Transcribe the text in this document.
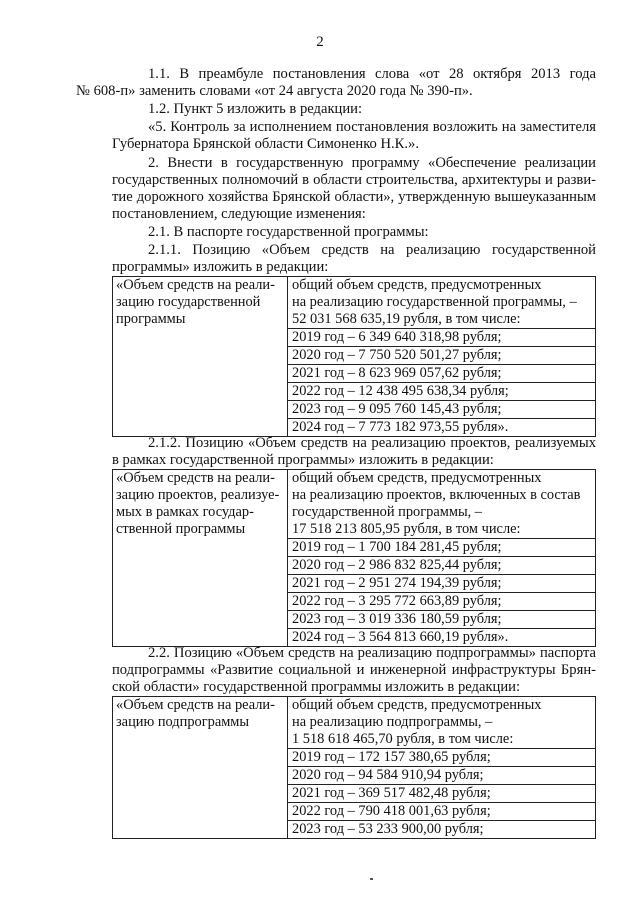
2

1.1. В преамбуле постановления слова «от 28 октября 2013 года
№ 608-п» заменить словами «от 24 августа 2020 года № 390-п».

1.2. Пункт 5 изложить в редакции:

«5. Контроль за исполнением постановления возложить на заместителя
Губернатора Брянской области Симоненко Н.К.».

2. Внести в государственную программу «Обеспечение реализации
государственных полномочий в области строительства, архитектуры и разви-
тие дорожного хозяйства Брянской области», утвержденную вышеуказанным
постановлением, следующие изменения:

2.1. В паспорте государственной программы:

2.1.1. Позицию «Объем средств на реализацию государственной
программы» изложить в редакции:

«Объем средств на реали-
зацию государственной
программы

общий объем средств, предусмотренных
на реализацию государственной программы, –
52 031 568 635,19 рубля, в том числе:
2019 год – 6 349 640 318,98 рубля;
2020 год – 7 750 520 501,27 рубля;
2021 год – 8 623 969 057,62 рубля;
2022 год – 12 438 495 638,34 рубля;
2023 год – 9 095 760 145,43 рубля;
2024 год – 7 773 182 973,55 рубля».

2.1.2. Позицию «Объем средств на реализацию проектов, реализуемых
в рамках государственной программы» изложить в редакции:

«Объем средств на реали-
зацию проектов, реализуе-
мых в рамках государ-
ственной программы

общий объем средств, предусмотренных
на реализацию проектов, включенных в состав
государственной программы, –
17 518 213 805,95 рубля, в том числе:
2019 год – 1 700 184 281,45 рубля;
2020 год – 2 986 832 825,44 рубля;
2021 год – 2 951 274 194,39 рубля;
2022 год – 3 295 772 663,89 рубля;
2023 год – 3 019 336 180,59 рубля;
2024 год – 3 564 813 660,19 рубля».

2.2. Позицию «Объем средств на реализацию подпрограммы» паспорта
подпрограммы «Развитие социальной и инженерной инфраструктуры Брян-
ской области» государственной программы изложить в редакции:

«Объем средств на реали-
зацию подпрограммы

общий объем средств, предусмотренных
на реализацию подпрограммы, –
1 518 618 465,70 рубля, в том числе:
2019 год – 172 157 380,65 рубля;
2020 год – 94 584 910,94 рубля;
2021 год – 369 517 482,48 рубля;
2022 год – 790 418 001,63 рубля;
2023 год – 53 233 900,00 рубля;
